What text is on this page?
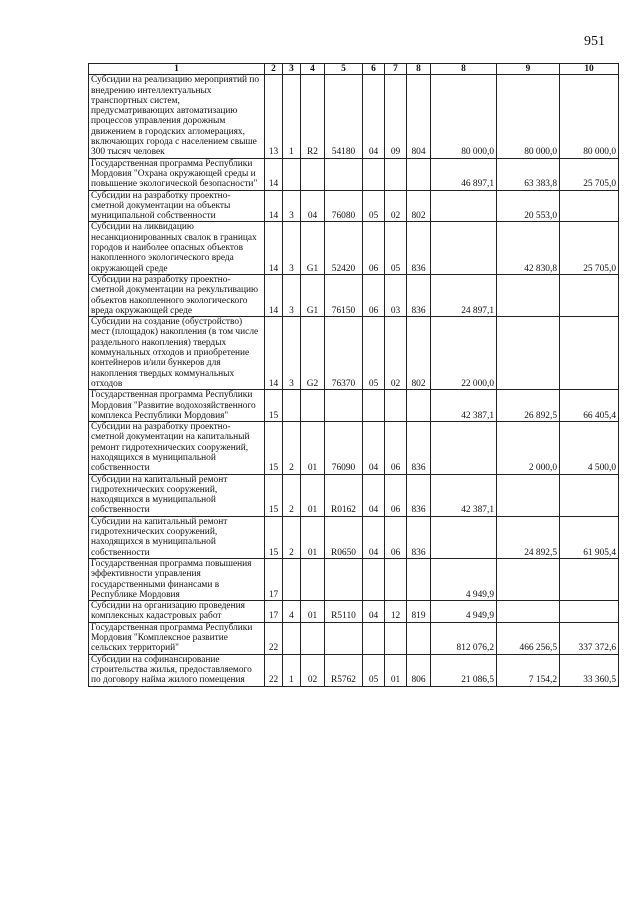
951
1	2	3	4	5	6	7	8	8	9	10
Субсидии на реализацию мероприятий по внедрению интеллектуальных транспортных систем, предусматривающих автоматизацию процессов управления дорожным движением в городских агломерациях, включающих города с населением свыше 300 тысяч человек	13	1	R2	54180	04	09	804	80 000,0	80 000,0	80 000,0
Государственная программа Республики Мордовия "Охрана окружающей среды и повышение экологической безопасности"	14							46 897,1	63 383,8	25 705,0
Субсидии на разработку проектно-сметной документации на объекты муниципальной собственности	14	3	04	76080	05	02	802		20 553,0	
Субсидии на ликвидацию несанкционированных свалок в границах городов и наиболее опасных объектов накопленного экологического вреда окружающей среде	14	3	G1	52420	06	05	836		42 830,8	25 705,0
Субсидии на разработку проектно-сметной документации на рекультивацию объектов накопленного экологического вреда окружающей среде	14	3	G1	76150	06	03	836	24 897,1		
Субсидии на создание (обустройство) мест (площадок) накопления (в том числе раздельного накопления) твердых коммунальных отходов и приобретение контейнеров и/или бункеров для накопления твердых коммунальных отходов	14	3	G2	76370	05	02	802	22 000,0		
Государственная программа Республики Мордовия "Развитие водохозяйственного комплекса Республики Мордовия"	15							42 387,1	26 892,5	66 405,4
Субсидии на разработку проектно-сметной документации на капитальный ремонт гидротехнических сооружений, находящихся в муниципальной собственности	15	2	01	76090	04	06	836		2 000,0	4 500,0
Субсидии на капитальный ремонт гидротехнических сооружений, находящихся в муниципальной собственности	15	2	01	R0162	04	06	836	42 387,1		
Субсидии на капитальный ремонт гидротехнических сооружений, находящихся в муниципальной собственности	15	2	01	R0650	04	06	836		24 892,5	61 905,4
Государственная программа повышения эффективности управления государственными финансами в Республике Мордовия	17							4 949,9		
Субсидии на организацию проведения комплексных кадастровых работ	17	4	01	R5110	04	12	819	4 949,9		
Государственная программа Республики Мордовия "Комплексное развитие сельских территорий"	22							812 076,2	466 256,5	337 372,6
Субсидии на софинансирование строительства жилья, предоставляемого по договору найма жилого помещения	22	1	02	R5762	05	01	806	21 086,5	7 154,2	33 360,5
